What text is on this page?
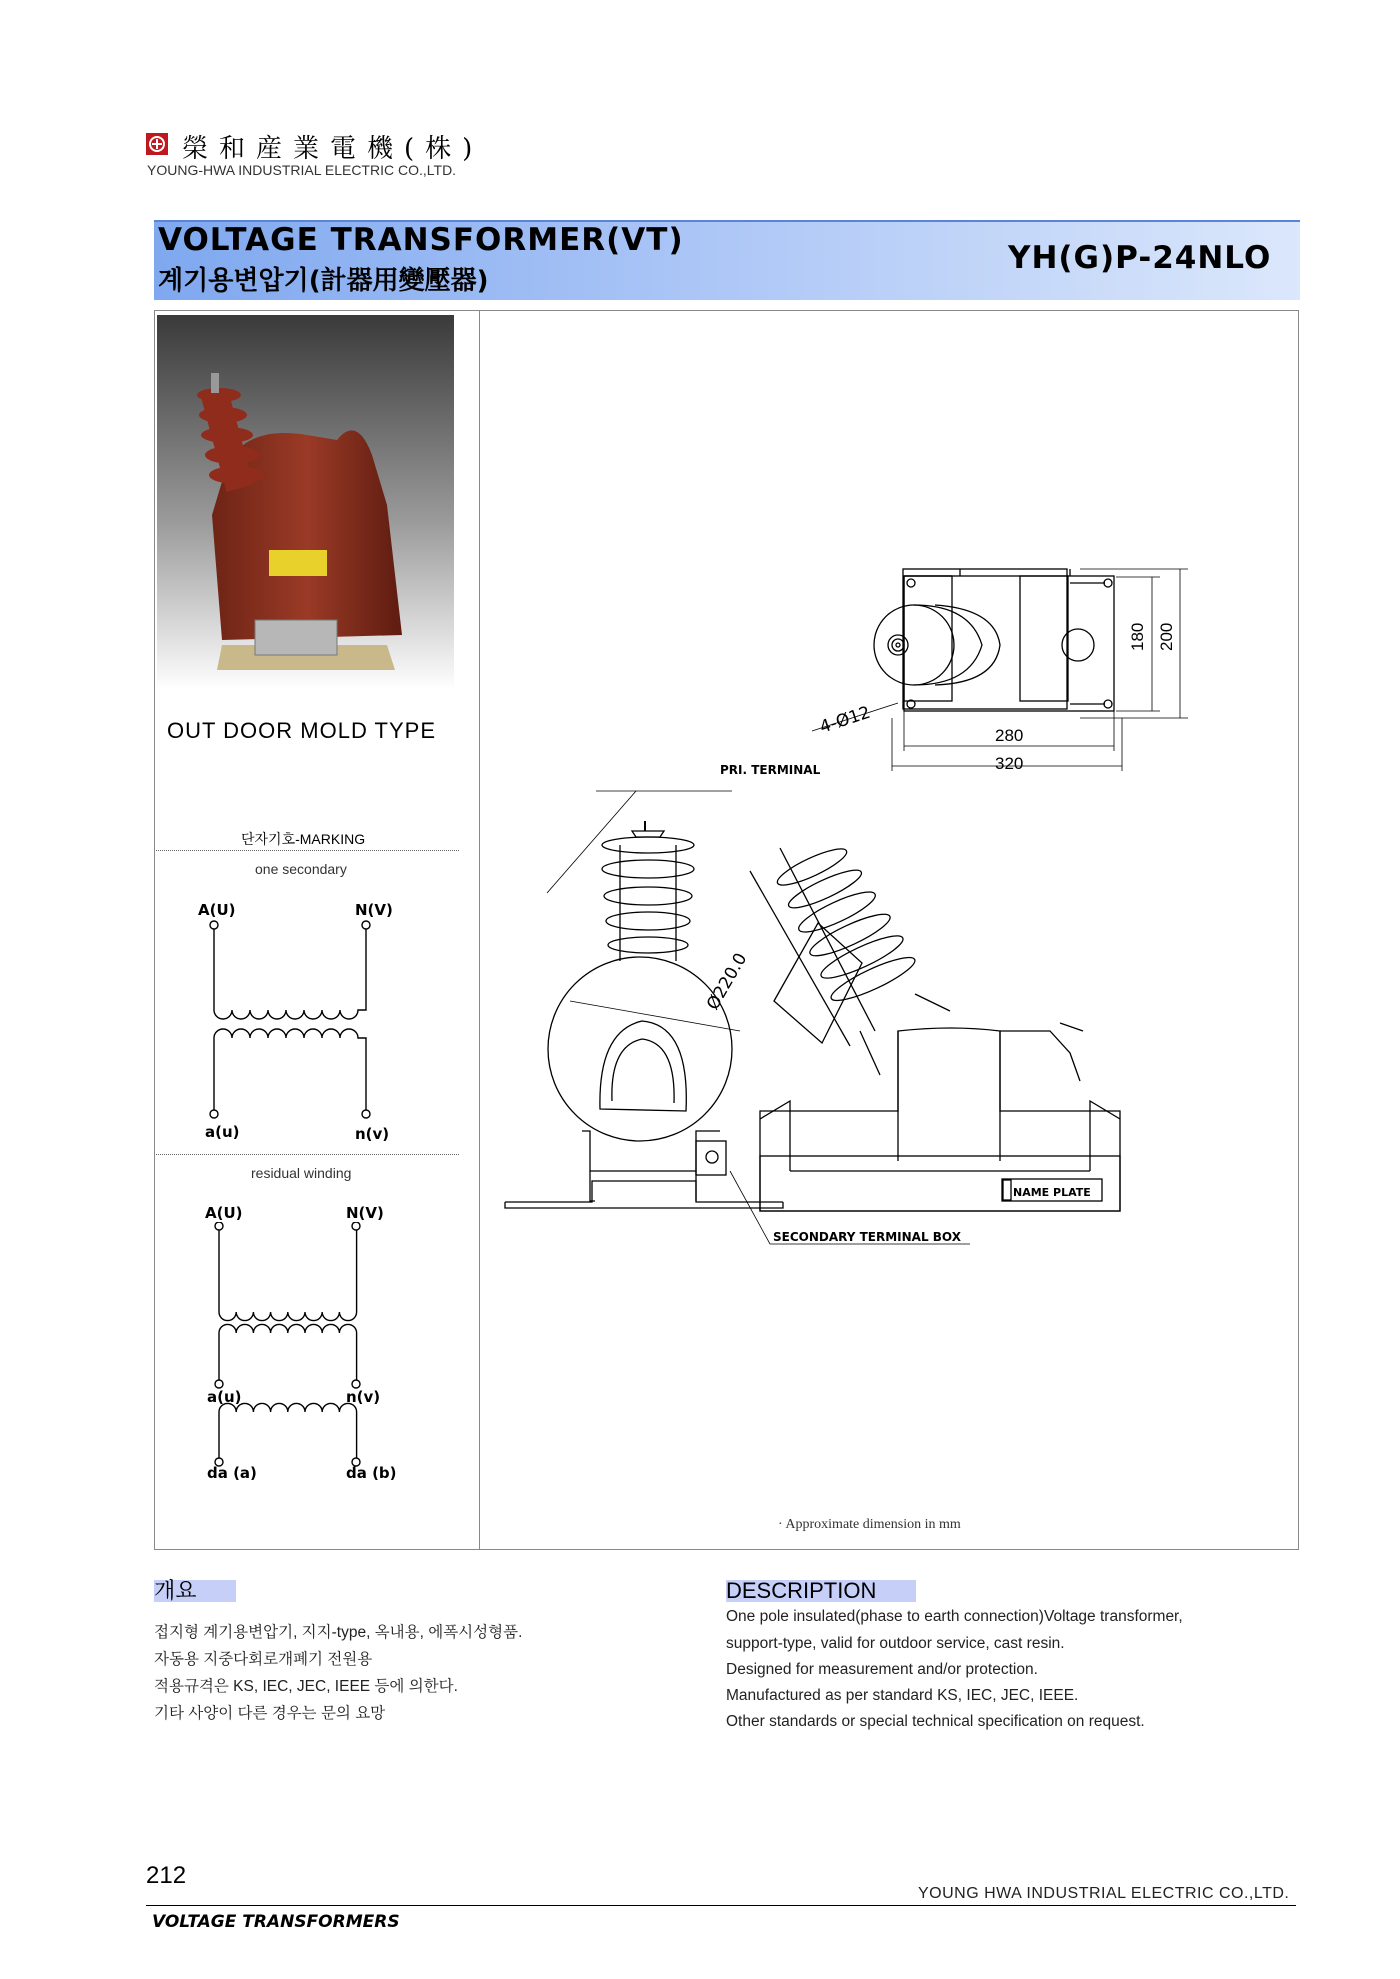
榮和産業電機(株)
YOUNG-HWA INDUSTRIAL ELECTRIC CO.,LTD.
VOLTAGE TRANSFORMER(VT)
계기용변압기(計器用變壓器)
YH(G)P-24NLO
OUT DOOR MOLD TYPE
단자기호-MARKING
one secondary
A(U)	N(V)
a(u)	n(v)
residual winding
A(U)	N(V)
a(u)	n(v)
da (a)	da (b)
180 200
280
320
4-Ø12
PRI. TERMINAL
Ø220.0
SECONDARY TERMINAL BOX
NAME PLATE
· Approximate dimension in mm
개요
접지형 계기용변압기, 지지-type, 옥내용, 에폭시성형품.
자동용 지중다회로개폐기 전원용
적용규격은 KS, IEC, JEC, IEEE 등에 의한다.
기타 사양이 다른 경우는 문의 요망
DESCRIPTION
One pole insulated(phase to earth connection)Voltage transformer,
support-type, valid for outdoor service, cast resin.
Designed for measurement and/or protection.
Manufactured as per standard KS, IEC, JEC, IEEE.
Other standards or special technical specification on request.
212
YOUNG HWA INDUSTRIAL ELECTRIC CO.,LTD.
VOLTAGE TRANSFORMERS
